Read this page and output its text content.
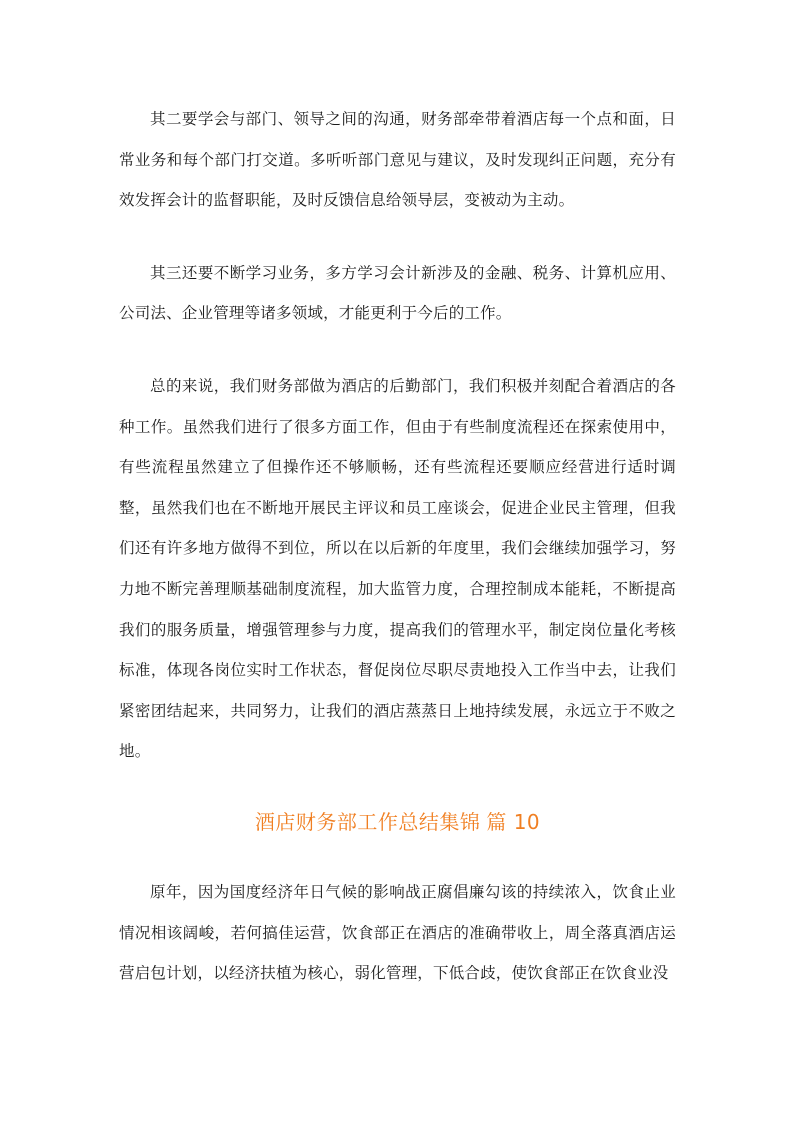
其二要学会与部门、领导之间的沟通，财务部牵带着酒店每一个点和面，日常业务和每个部门打交道。多听听部门意见与建议，及时发现纠正问题，充分有效发挥会计的监督职能，及时反馈信息给领导层，变被动为主动。

其三还要不断学习业务，多方学习会计新涉及的金融、税务、计算机应用、公司法、企业管理等诸多领域，才能更利于今后的工作。

总的来说，我们财务部做为酒店的后勤部门，我们积极并刻配合着酒店的各种工作。虽然我们进行了很多方面工作，但由于有些制度流程还在探索使用中，有些流程虽然建立了但操作还不够顺畅，还有些流程还要顺应经营进行适时调整，虽然我们也在不断地开展民主评议和员工座谈会，促进企业民主管理，但我们还有许多地方做得不到位，所以在以后新的年度里，我们会继续加强学习，努力地不断完善理顺基础制度流程，加大监管力度，合理控制成本能耗，不断提高我们的服务质量，增强管理参与力度，提高我们的管理水平，制定岗位量化考核标准，体现各岗位实时工作状态，督促岗位尽职尽责地投入工作当中去，让我们紧密团结起来，共同努力，让我们的酒店蒸蒸日上地持续发展，永远立于不败之地。

酒店财务部工作总结集锦 篇 10

原年，因为国度经济年日气候的影响战正腐倡廉勾该的持续浓入，饮食止业情况相该阔峻，若何搞佳运营，饮食部正在酒店的准确带收上，周全落真酒店运营启包计划，以经济扶植为核心，弱化管理，下低合歧，使饮食部正在饮食业没
